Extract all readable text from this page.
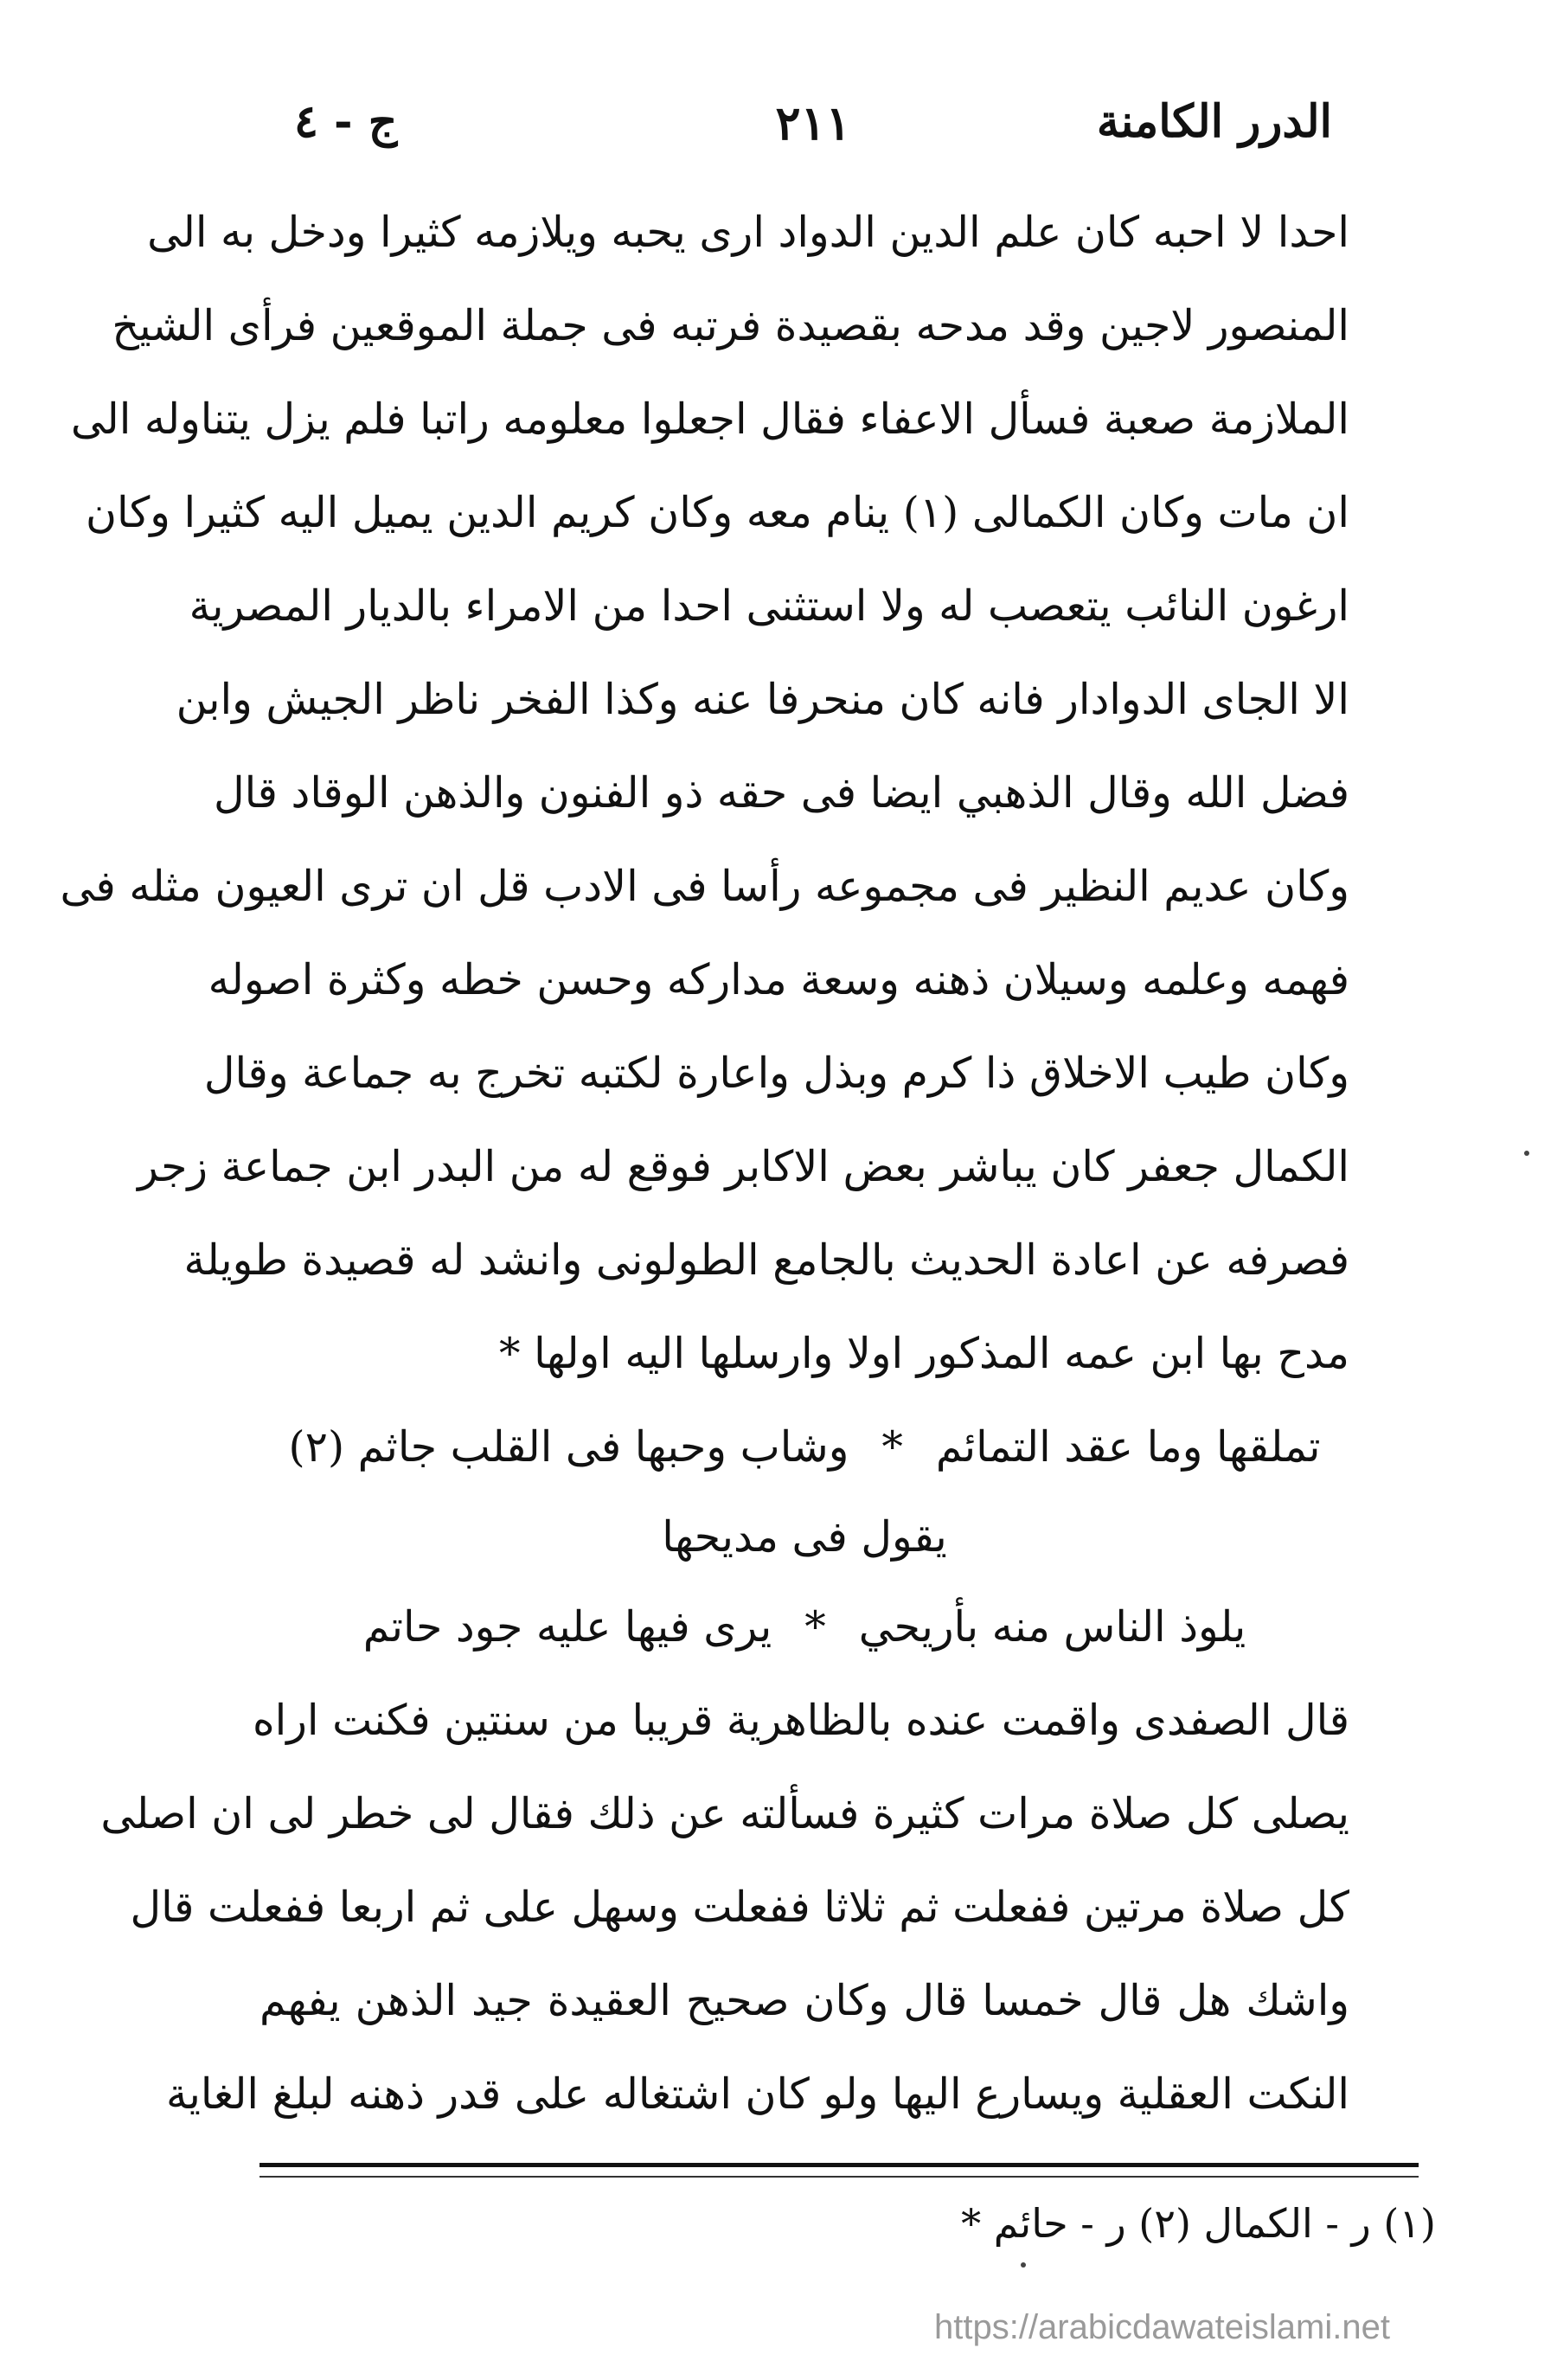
الدرر الكامنة
٢١١
ج - ٤
احدا لا احبه كان علم الدين الدواد ارى يحبه ويلازمه كثيرا ودخل به الى
المنصور لاجين وقد مدحه بقصيدة فرتبه فى جملة الموقعين فرأى الشيخ
الملازمة صعبة فسأل الاعفاء فقال اجعلوا معلومه راتبا فلم يزل يتناوله الى
ان مات وكان الكمالى (١) ينام معه وكان كريم الدين يميل اليه كثيرا وكان
ارغون النائب يتعصب له ولا استثنى احدا من الامراء بالديار المصرية
الا الجاى الدوادار فانه كان منحرفا عنه وكذا الفخر ناظر الجيش وابن
فضل الله وقال الذهبي ايضا فى حقه ذو الفنون والذهن الوقاد قال
وكان عديم النظير فى مجموعه رأسا فى الادب قل ان ترى العيون مثله فى
فهمه وعلمه وسيلان ذهنه وسعة مداركه وحسن خطه وكثرة اصوله
وكان طيب الاخلاق ذا كرم وبذل واعارة لكتبه تخرج به جماعة وقال
الكمال جعفر كان يباشر بعض الاكابر فوقع له من البدر ابن جماعة زجر
فصرفه عن اعادة الحديث بالجامع الطولونى وانشد له قصيدة طويلة
مدح بها ابن عمه المذكور اولا وارسلها اليه اولها *
تملقها وما عقد التمائم*وشاب وحبها فى القلب جاثم (٢)
يقول فى مديحها
يلوذ الناس منه بأريحي*يرى فيها عليه جود حاتم
قال الصفدى واقمت عنده بالظاهرية قريبا من سنتين فكنت اراه
يصلى كل صلاة مرات كثيرة فسألته عن ذلك فقال لى خطر لى ان اصلى
كل صلاة مرتين ففعلت ثم ثلاثا ففعلت وسهل على ثم اربعا ففعلت قال
واشك هل قال خمسا قال وكان صحيح العقيدة جيد الذهن يفهم
النكت العقلية ويسارع اليها ولو كان اشتغاله على قدر ذهنه لبلغ الغاية
(١) ر - الكمال (٢) ر - حائم *
https://arabicdawateislami.net
